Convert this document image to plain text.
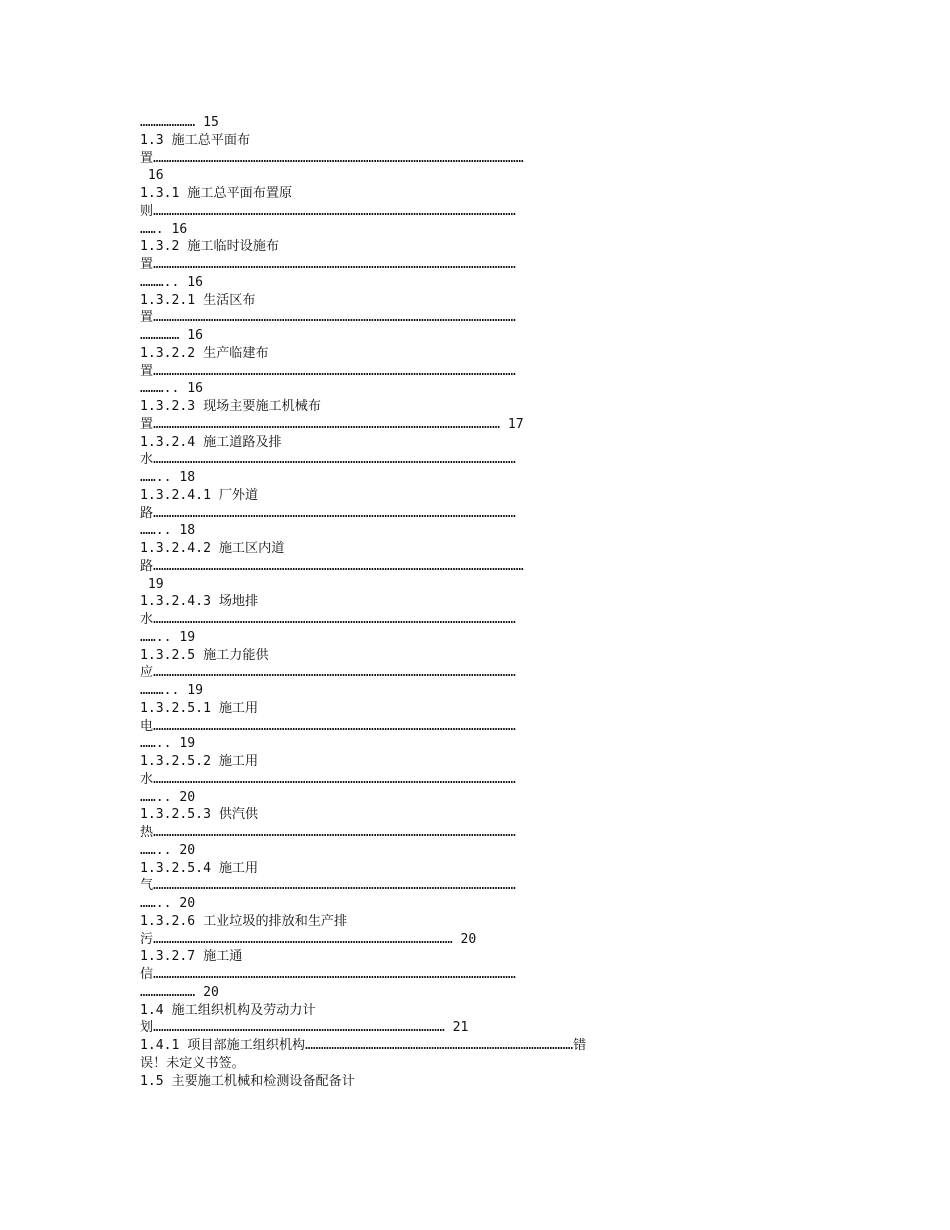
………………… 15
1.3 施工总平面布
置……………………………………………………………………………………………………………………………
16
1.3.1 施工总平面布置原
则…………………………………………………………………………………………………………………………
……. 16
1.3.2 施工临时设施布
置…………………………………………………………………………………………………………………………
……….. 16
1.3.2.1 生活区布
置…………………………………………………………………………………………………………………………
…………… 16
1.3.2.2 生产临建布
置…………………………………………………………………………………………………………………………
……….. 16
1.3.2.3 现场主要施工机械布
置…………………………………………………………………………………………………………………… 17
1.3.2.4 施工道路及排
水…………………………………………………………………………………………………………………………
…….. 18
1.3.2.4.1 厂外道
路…………………………………………………………………………………………………………………………
…….. 18
1.3.2.4.2 施工区内道
路……………………………………………………………………………………………………………………………
19
1.3.2.4.3 场地排
水…………………………………………………………………………………………………………………………
…….. 19
1.3.2.5 施工力能供
应…………………………………………………………………………………………………………………………
……….. 19
1.3.2.5.1 施工用
电…………………………………………………………………………………………………………………………
…….. 19
1.3.2.5.2 施工用
水…………………………………………………………………………………………………………………………
…….. 20
1.3.2.5.3 供汽供
热…………………………………………………………………………………………………………………………
…….. 20
1.3.2.5.4 施工用
气…………………………………………………………………………………………………………………………
…….. 20
1.3.2.6 工业垃圾的排放和生产排
污…………………………………………………………………………………………………… 20
1.3.2.7 施工通
信…………………………………………………………………………………………………………………………
………………… 20
1.4 施工组织机构及劳动力计
划………………………………………………………………………………………………… 21
1.4.1 项目部施工组织机构…………………………………………………………………………………………错
误！未定义书签。
1.5 主要施工机械和检测设备配备计
